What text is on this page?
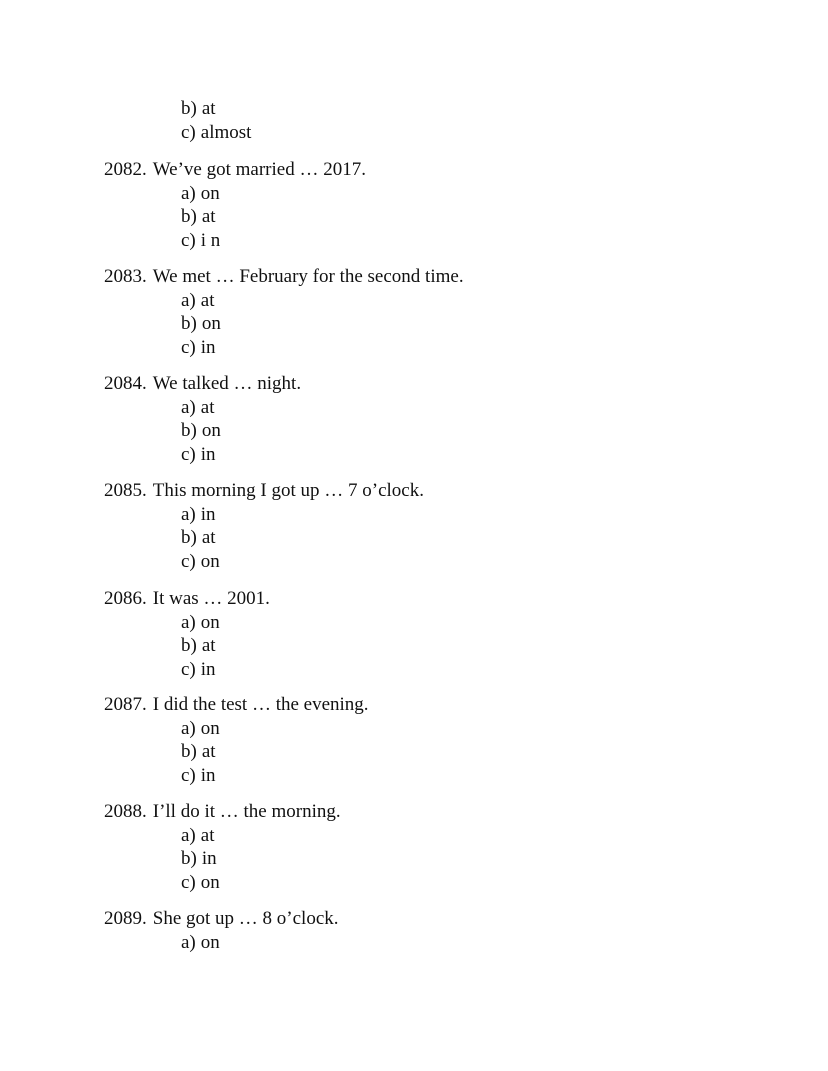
b) at
c) almost
2082. We’ve got married … 2017.
a) on
b) at
c) i n
2083. We met … February for the second time.
a) at
b) on
c) in
2084. We talked … night.
a) at
b) on
c) in
2085. This morning I got up … 7 o’clock.
a) in
b) at
c) on
2086. It was … 2001.
a) on
b) at
c) in
2087. I did the test … the evening.
a) on
b) at
c) in
2088. I’ll do it … the morning.
a) at
b) in
c) on
2089. She got up … 8 o’clock.
a) on
